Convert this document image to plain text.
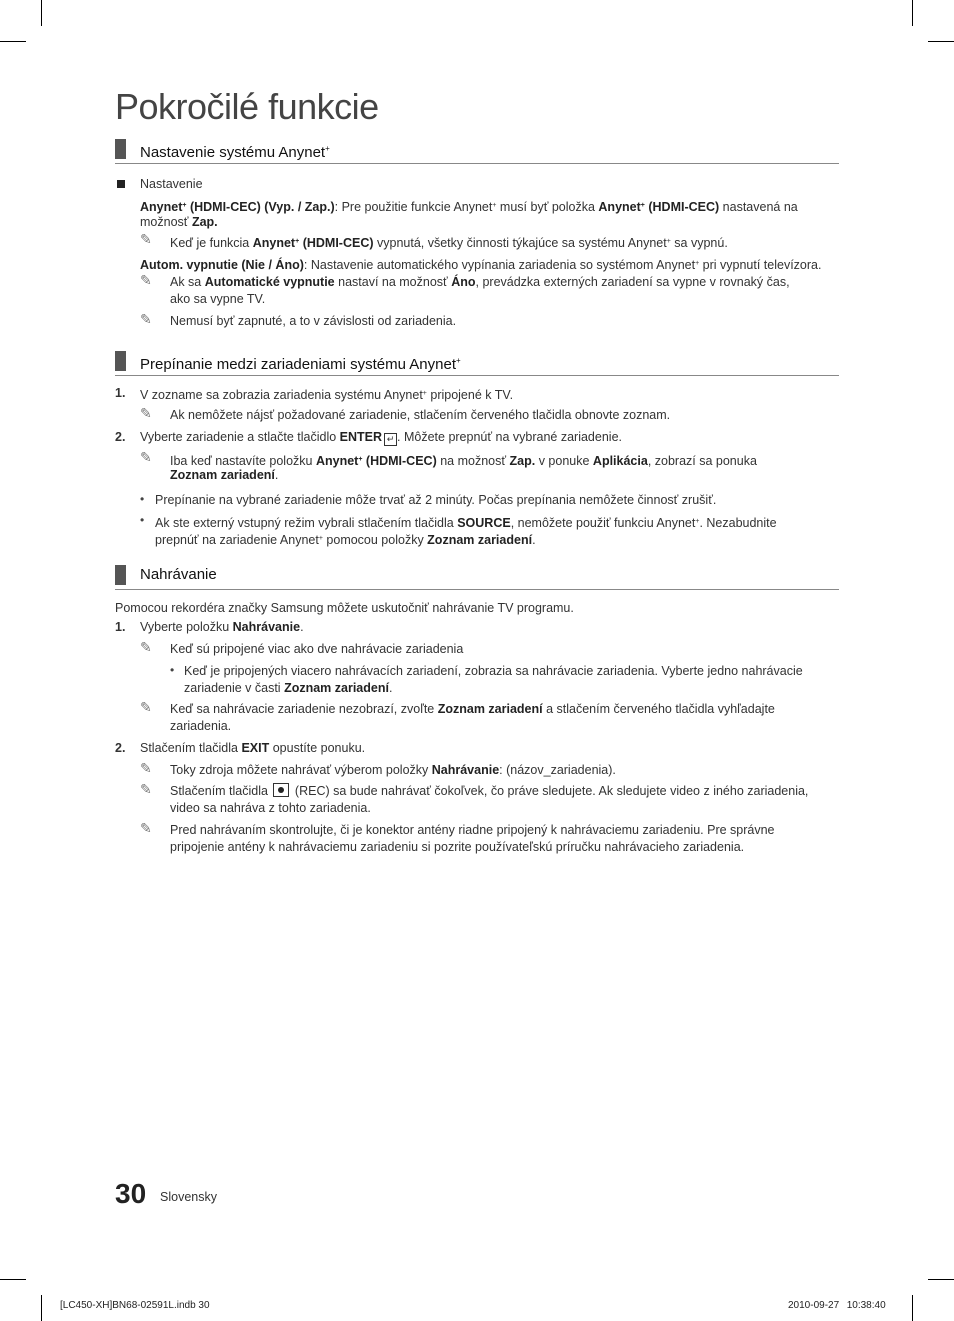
Pokročilé funkcie
Nastavenie systému Anynet+
Nastavenie
Anynet+ (HDMI-CEC) (Vyp. / Zap.): Pre použitie funkcie Anynet+ musí byť položka Anynet+ (HDMI-CEC) nastavená na
možnosť Zap.
✎ Keď je funkcia Anynet+ (HDMI-CEC) vypnutá, všetky činnosti týkajúce sa systému Anynet+ sa vypnú.
Autom. vypnutie (Nie / Áno): Nastavenie automatického vypínania zariadenia so systémom Anynet+ pri vypnutí televízora.
✎ Ak sa Automatické vypnutie nastaví na možnosť Áno, prevádzka externých zariadení sa vypne v rovnaký čas,
ako sa vypne TV.
✎ Nemusí byť zapnuté, a to v závislosti od zariadenia.
Prepínanie medzi zariadeniami systému Anynet+
1. V zozname sa zobrazia zariadenia systému Anynet+ pripojené k TV.
✎ Ak nemôžete nájsť požadované zariadenie, stlačením červeného tlačidla obnovte zoznam.
2. Vyberte zariadenie a stlačte tlačidlo ENTER ↵ . Môžete prepnúť na vybrané zariadenie.
✎ Iba keď nastavíte položku Anynet+ (HDMI-CEC) na možnosť Zap. v ponuke Aplikácia, zobrazí sa ponuka
Zoznam zariadení.
• Prepínanie na vybrané zariadenie môže trvať až 2 minúty. Počas prepínania nemôžete činnosť zrušiť.
• Ak ste externý vstupný režim vybrali stlačením tlačidla SOURCE, nemôžete použiť funkciu Anynet+. Nezabudnite
prepnúť na zariadenie Anynet+ pomocou položky Zoznam zariadení.
Nahrávanie
Pomocou rekordéra značky Samsung môžete uskutočniť nahrávanie TV programu.
1. Vyberte položku Nahrávanie.
✎ Keď sú pripojené viac ako dve nahrávacie zariadenia
• Keď je pripojených viacero nahrávacích zariadení, zobrazia sa nahrávacie zariadenia. Vyberte jedno nahrávacie
zariadenie v časti Zoznam zariadení.
✎ Keď sa nahrávacie zariadenie nezobrazí, zvoľte Zoznam zariadení a stlačením červeného tlačidla vyhľadajte
zariadenia.
2. Stlačením tlačidla EXIT opustíte ponuku.
✎ Toky zdroja môžete nahrávať výberom položky Nahrávanie: (názov_zariadenia).
✎ Stlačením tlačidla  (REC) sa bude nahrávať čokoľvek, čo práve sledujete. Ak sledujete video z iného zariadenia,
video sa nahráva z tohto zariadenia.
✎ Pred nahrávaním skontrolujte, či je konektor antény riadne pripojený k nahrávaciemu zariadeniu. Pre správne
pripojenie antény k nahrávaciemu zariadeniu si pozrite používateľskú príručku nahrávacieho zariadenia.
30 Slovensky
[LC450-XH]BN68-02591L.indb 30	2010-09-27   10:38:40
